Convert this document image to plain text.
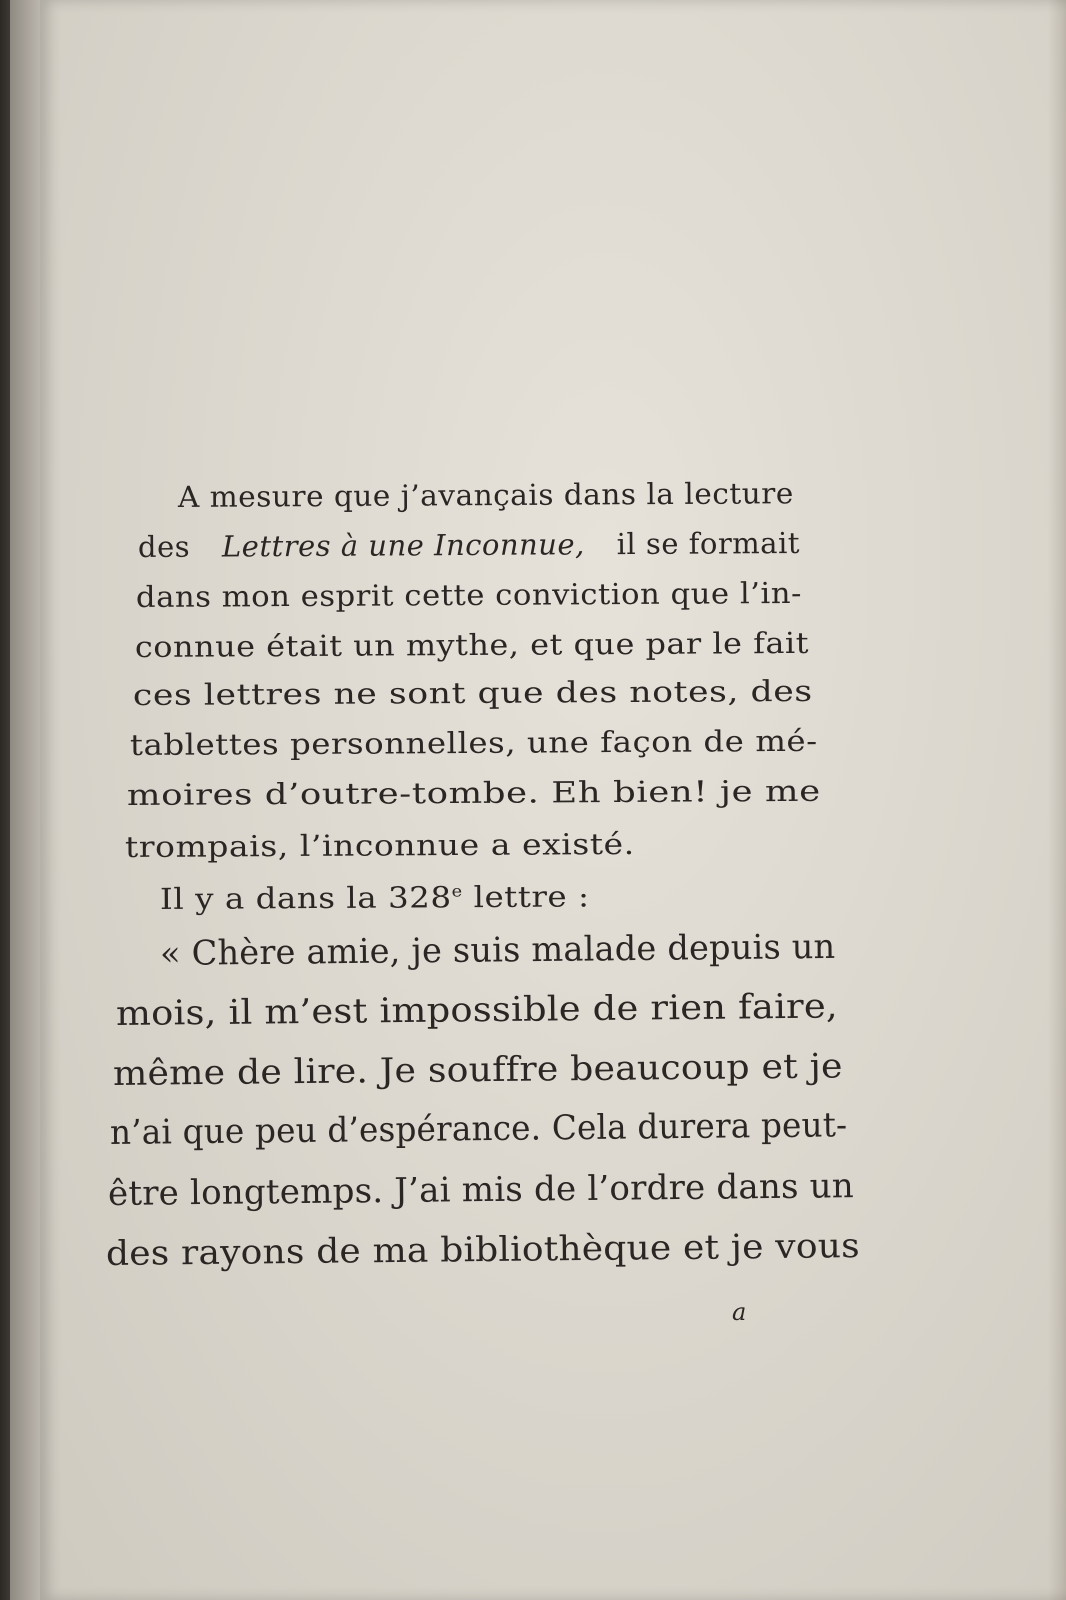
A mesure que j’avançais dans la lecture
des Lettres à une Inconnue, il se formait
dans mon esprit cette conviction que l’in-
connue était un mythe, et que par le fait
ces lettres ne sont que des notes, des
tablettes personnelles, une façon de mé-
moires d’outre-tombe. Eh bien! je me
trompais, l’inconnue a existé.
Il y a dans la 328e lettre :
« Chère amie, je suis malade depuis un
mois, il m’est impossible de rien faire,
même de lire. Je souffre beaucoup et je
n’ai que peu d’espérance. Cela durera peut-
être longtemps. J’ai mis de l’ordre dans un
des rayons de ma bibliothèque et je vous
a
